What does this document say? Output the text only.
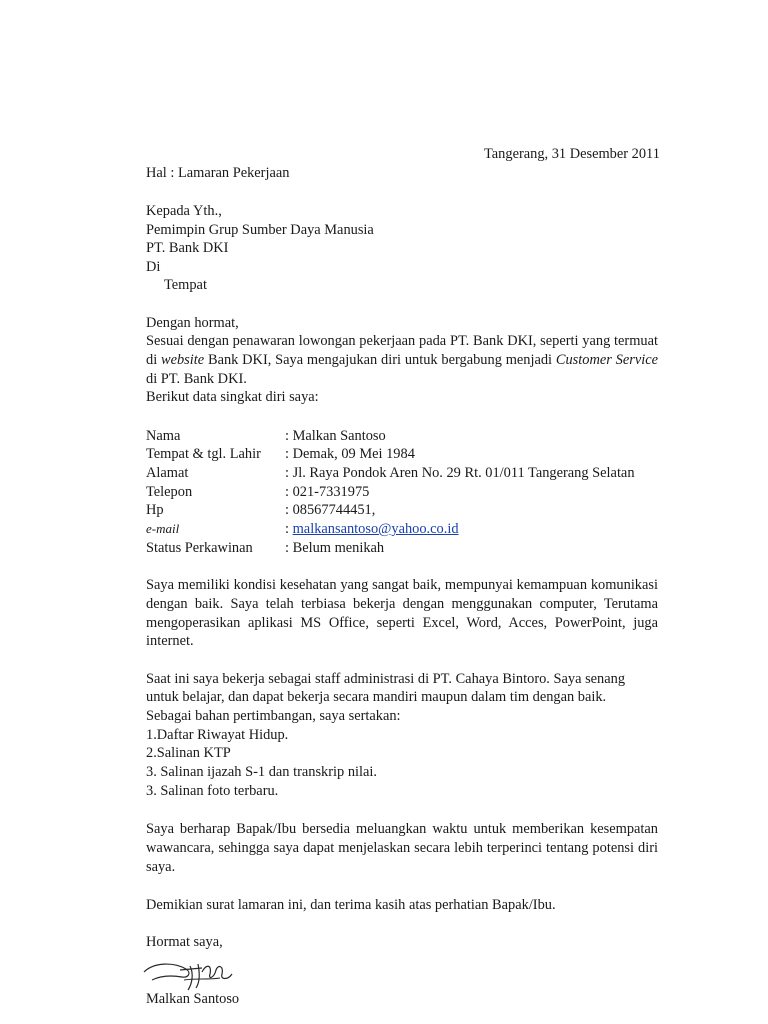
Tangerang, 31 Desember 2011
Hal : Lamaran Pekerjaan
Kepada Yth.,
Pemimpin Grup Sumber Daya Manusia
PT. Bank DKI
Di
Tempat
Dengan hormat,
Sesuai dengan penawaran lowongan pekerjaan pada PT. Bank DKI, seperti yang termuat
di website Bank DKI, Saya mengajukan diri untuk bergabung menjadi Customer Service
di PT. Bank DKI.
Berikut data singkat diri saya:
Nama	: Malkan Santoso
Tempat & tgl. Lahir : Demak, 09 Mei 1984
Alamat	: Jl. Raya Pondok Aren No. 29 Rt. 01/011 Tangerang Selatan
Telepon	: 021-7331975
Hp	: 08567744451,
e-mail	: malkansantoso@yahoo.co.id
Status Perkawinan : Belum menikah
Saya memiliki kondisi kesehatan yang sangat baik, mempunyai kemampuan komunikasi
dengan baik. Saya telah terbiasa bekerja dengan menggunakan computer, Terutama
mengoperasikan aplikasi MS Office, seperti Excel, Word, Acces, PowerPoint, juga
internet.
Saat ini saya bekerja sebagai staff administrasi di PT. Cahaya Bintoro. Saya senang
untuk belajar, dan dapat bekerja secara mandiri maupun dalam tim dengan baik.
Sebagai bahan pertimbangan, saya sertakan:
1.Daftar Riwayat Hidup.
2.Salinan KTP
3. Salinan ijazah S-1 dan transkrip nilai.
3. Salinan foto terbaru.
Saya berharap Bapak/Ibu bersedia meluangkan waktu untuk memberikan kesempatan
wawancara, sehingga saya dapat menjelaskan secara lebih terperinci tentang potensi diri
saya.
Demikian surat lamaran ini, dan terima kasih atas perhatian Bapak/Ibu.
Hormat saya,
Malkan Santoso
